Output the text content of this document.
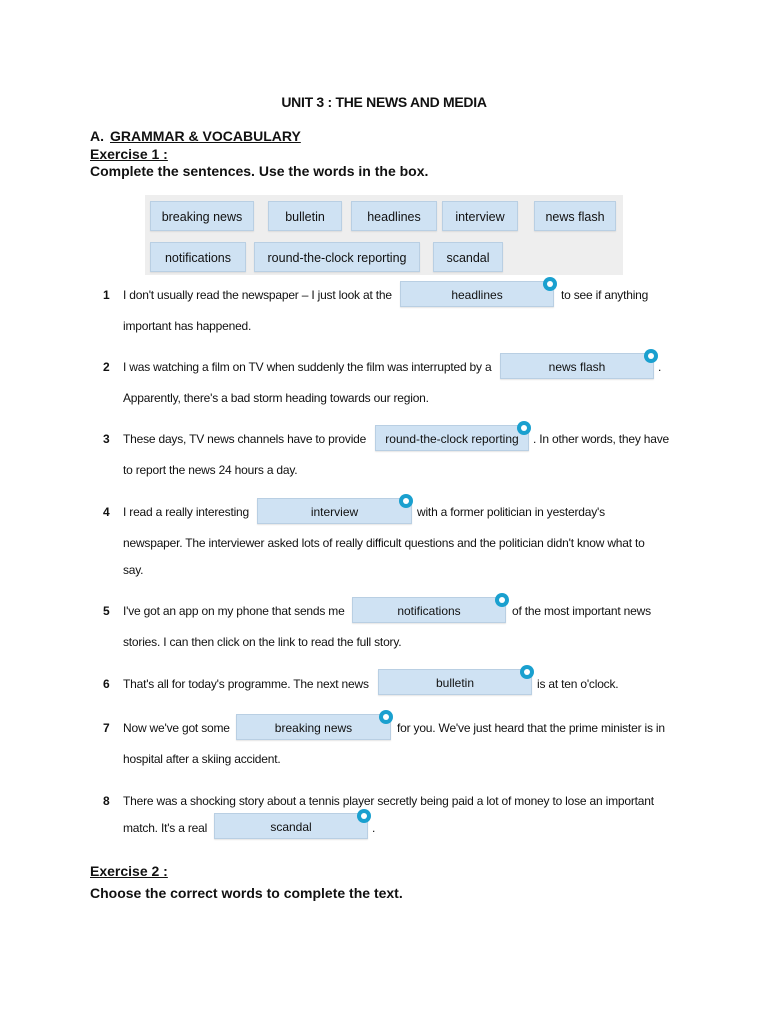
UNIT 3 : THE NEWS AND MEDIA
A. GRAMMAR & VOCABULARY
Exercise 1 :
Complete the sentences. Use the words in the box.
breaking news	bulletin	headlines	interview	news flash
notifications	round-the-clock reporting	scandal
1 I don't usually read the newspaper – I just look at the	headlines	to see if anything
important has happened.
2 I was watching a film on TV when suddenly the film was interrupted by a	news flash	.
Apparently, there's a bad storm heading towards our region.
3 These days, TV news channels have to provide	round-the-clock reporting	. In other words, they have
to report the news 24 hours a day.
4 I read a really interesting	interview	with a former politician in yesterday's
newspaper. The interviewer asked lots of really difficult questions and the politician didn't know what to
say.
5 I've got an app on my phone that sends me	notifications	of the most important news
stories. I can then click on the link to read the full story.
6 That's all for today's programme. The next news	bulletin	is at ten o'clock.
7 Now we've got some	breaking news	for you. We've just heard that the prime minister is in
hospital after a skiing accident.
8 There was a shocking story about a tennis player secretly being paid a lot of money to lose an important
match. It's a real	scandal	.
Exercise 2 :
Choose the correct words to complete the text.
